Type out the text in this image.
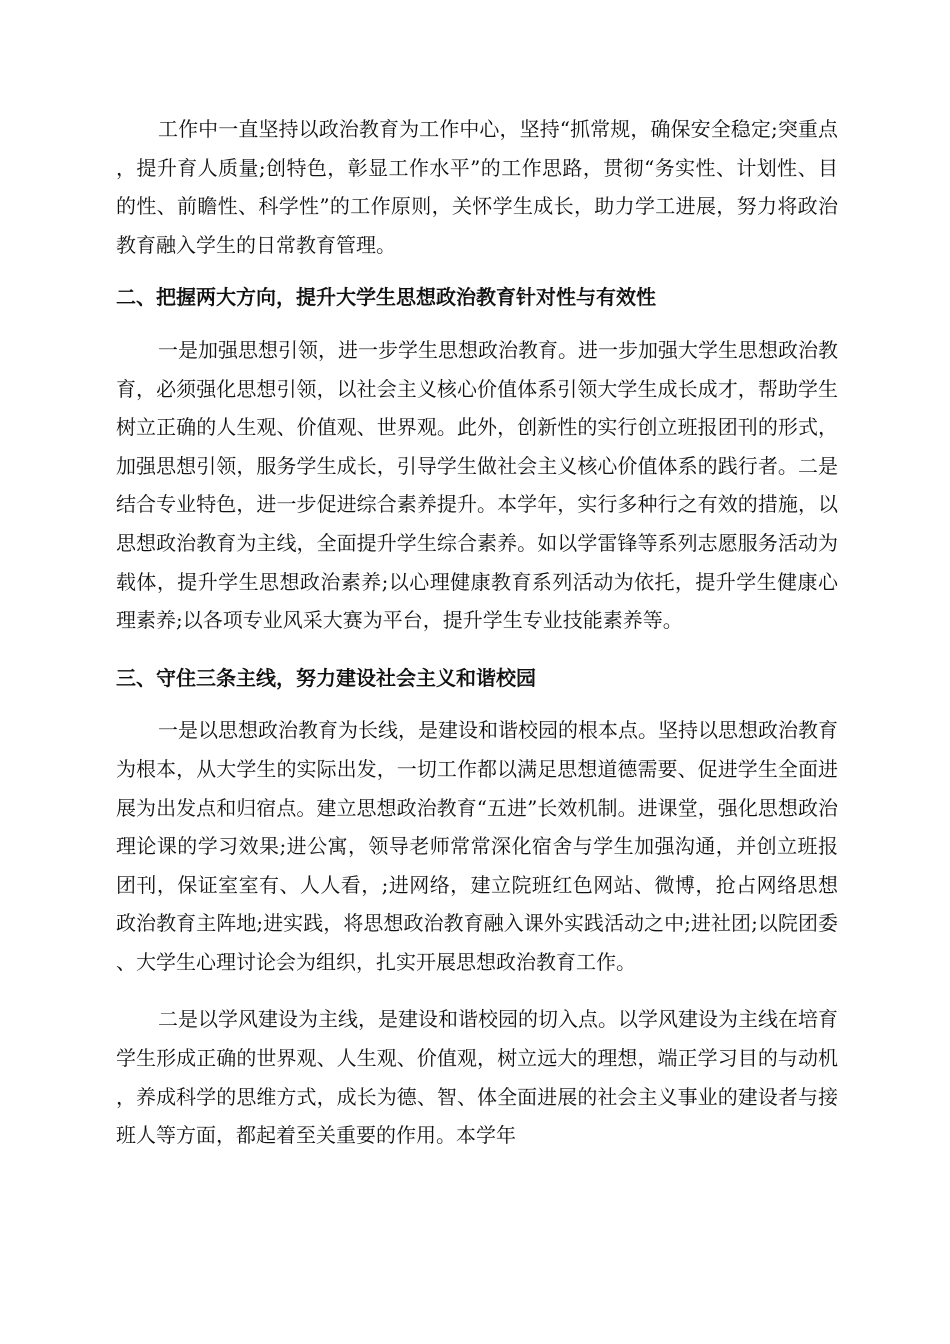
工作中一直坚持以政治教育为工作中心，坚持“抓常规，确保安全稳定;突重点，提升育人质量;创特色，彰显工作水平”的工作思路，贯彻“务实性、计划性、目的性、前瞻性、科学性”的工作原则，关怀学生成长，助力学工进展，努力将政治教育融入学生的日常教育管理。

二、把握两大方向，提升大学生思想政治教育针对性与有效性

一是加强思想引领，进一步学生思想政治教育。进一步加强大学生思想政治教育，必须强化思想引领，以社会主义核心价值体系引领大学生成长成才，帮助学生树立正确的人生观、价值观、世界观。此外，创新性的实行创立班报团刊的形式，加强思想引领，服务学生成长，引导学生做社会主义核心价值体系的践行者。二是结合专业特色，进一步促进综合素养提升。本学年，实行多种行之有效的措施，以思想政治教育为主线，全面提升学生综合素养。如以学雷锋等系列志愿服务活动为载体，提升学生思想政治素养;以心理健康教育系列活动为依托，提升学生健康心理素养;以各项专业风采大赛为平台，提升学生专业技能素养等。

三、守住三条主线，努力建设社会主义和谐校园

一是以思想政治教育为长线，是建设和谐校园的根本点。坚持以思想政治教育为根本，从大学生的实际出发，一切工作都以满足思想道德需要、促进学生全面进展为出发点和归宿点。建立思想政治教育“五进”长效机制。进课堂，强化思想政治理论课的学习效果;进公寓，领导老师常常深化宿舍与学生加强沟通，并创立班报团刊，保证室室有、人人看，;进网络，建立院班红色网站、微博，抢占网络思想政治教育主阵地;进实践，将思想政治教育融入课外实践活动之中;进社团;以院团委、大学生心理讨论会为组织，扎实开展思想政治教育工作。

二是以学风建设为主线，是建设和谐校园的切入点。以学风建设为主线在培育学生形成正确的世界观、人生观、价值观，树立远大的理想，端正学习目的与动机，养成科学的思维方式，成长为德、智、体全面进展的社会主义事业的建设者与接班人等方面，都起着至关重要的作用。本学年
